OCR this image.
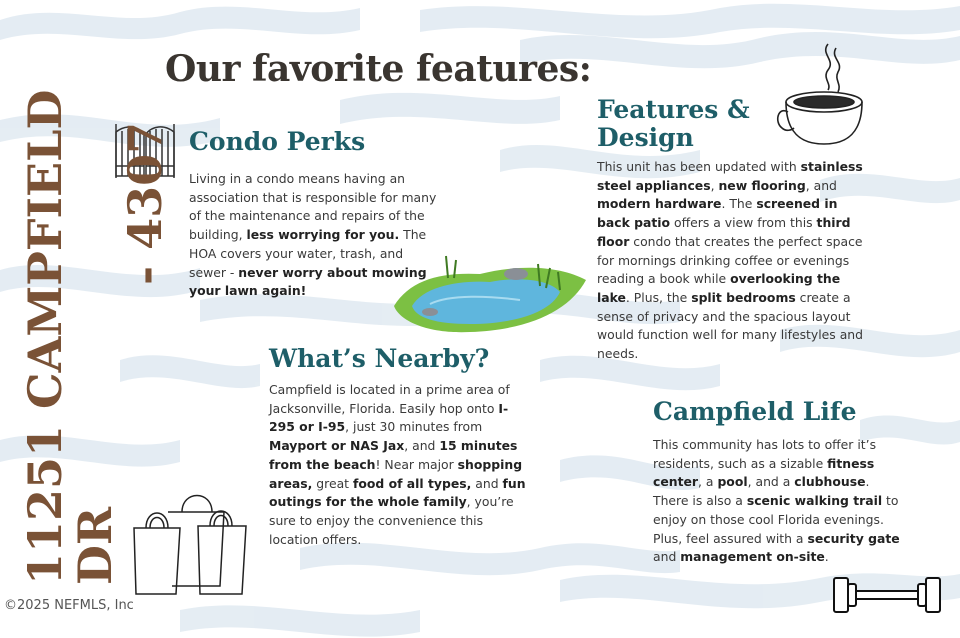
11251 CAMPFIELD DR
- 4307
Our favorite features:
Condo Perks

Living in a condo means having an association that is responsible for many of the maintenance and repairs of the building, less worrying for you. The HOA covers your water, trash, and sewer - never worry about mowing your lawn again!

Features &
Design

This unit has been updated with stainless steel appliances, new flooring, and modern hardware. The screened in back patio offers a view from this third floor condo that creates the perfect space for mornings drinking coffee or evenings reading a book while overlooking the lake. Plus, the split bedrooms create a sense of privacy and the spacious layout would function well for many lifestyles and needs.

What’s Nearby?

Campfield is located in a prime area of Jacksonville, Florida. Easily hop onto I-295 or I-95, just 30 minutes from Mayport or NAS Jax, and 15 minutes from the beach! Near major shopping areas, great food of all types, and fun outings for the whole family, you’re sure to enjoy the convenience this location offers.

Campfield Life

This community has lots to offer it’s residents, such as a sizable fitness center, a pool, and a clubhouse. There is also a scenic walking trail to enjoy on those cool Florida evenings. Plus, feel assured with a security gate and management on-site.

©2025 NEFMLS, Inc
